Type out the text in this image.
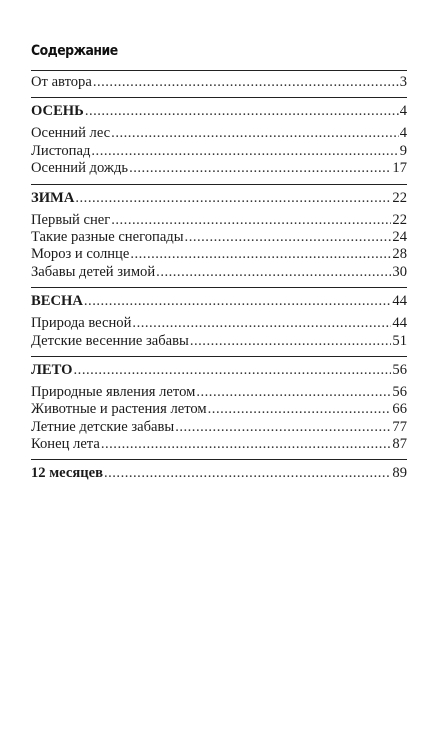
Содержание
От автора .....	3
ОСЕНЬ .....	4
Осенний лес .....	4
Листопад .....	9
Осенний дождь .....	17
ЗИМА .....	22
Первый снег .....	22
Такие разные снегопады .....	24
Мороз и солнце .....	28
Забавы детей зимой .....	30
ВЕСНА .....	44
Природа весной .....	44
Детские весенние забавы .....	51
ЛЕТО .....	56
Природные явления летом .....	56
Животные и растения летом .....	66
Летние детские забавы .....	77
Конец лета .....	87
12 месяцев .....	89
